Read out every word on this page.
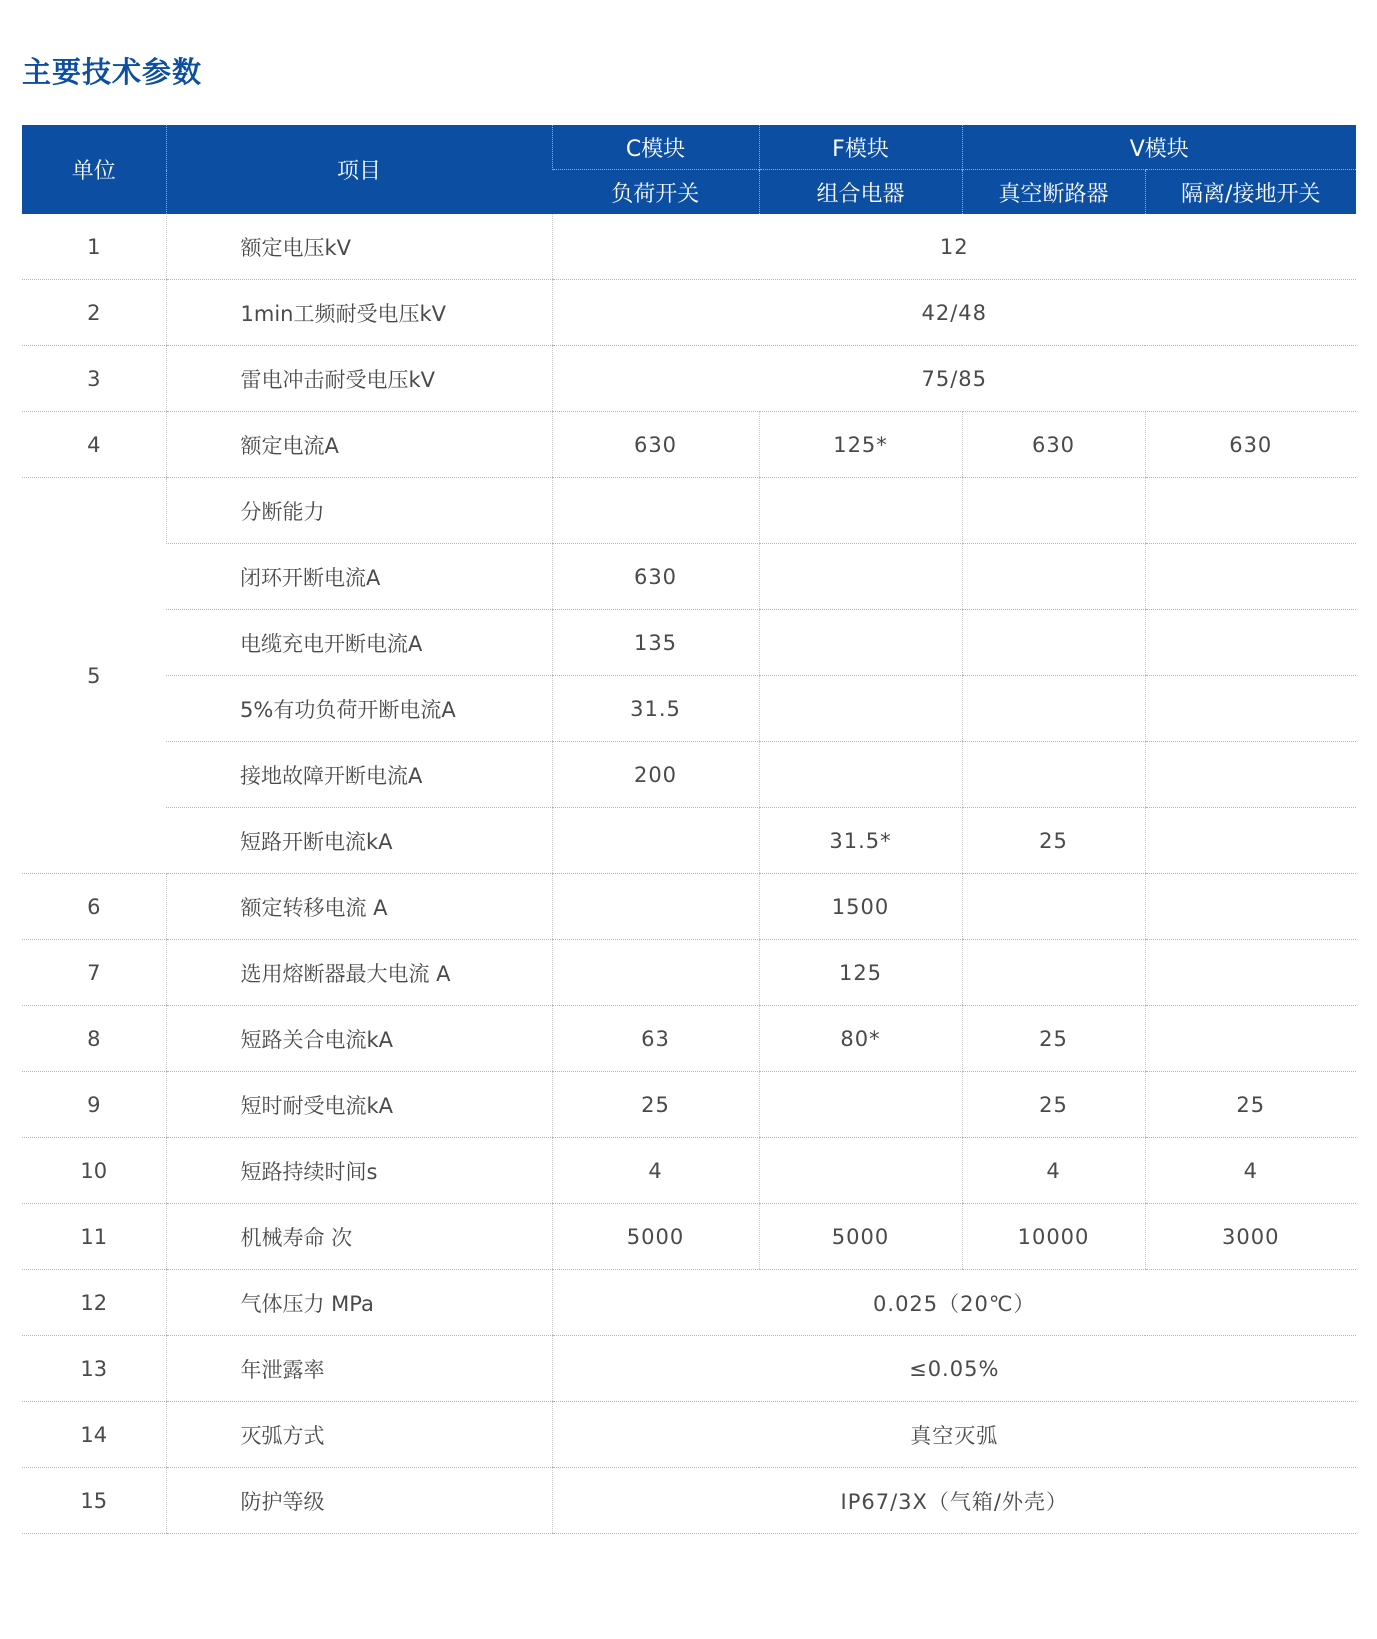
主要技术参数
单位	项目	C模块	F模块	V模块	
		负荷开关	组合电器	真空断路器	隔离/接地开关
1	额定电压kV	12			
2	1min工频耐受电压kV	42/48			
3	雷电冲击耐受电压kV	75/85			
4	额定电流A	630	125*	630	630
5	分断能力				
	闭环开断电流A	630			
	电缆充电开断电流A	135			
	5%有功负荷开断电流A	31.5			
	接地故障开断电流A	200			
	短路开断电流kA		31.5*	25	
6	额定转移电流 A		1500		
7	选用熔断器最大电流 A		125		
8	短路关合电流kA	63	80*	25	
9	短时耐受电流kA	25		25	25
10	短路持续时间s	4		4	4
11	机械寿命 次	5000	5000	10000	3000
12	气体压力 MPa	0.025（20℃）			
13	年泄露率	≤0.05%			
14	灭弧方式	真空灭弧			
15	防护等级	IP67/3X（气箱/外壳）			
